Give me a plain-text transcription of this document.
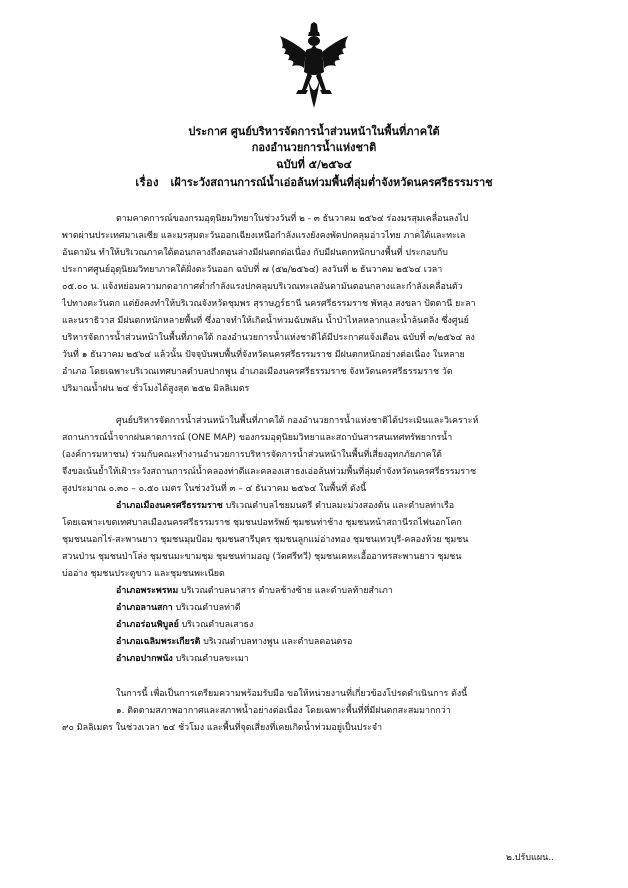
ประกาศ ศูนย์บริหารจัดการน้ำส่วนหน้าในพื้นที่ภาคใต้
กองอำนวยการน้ำแห่งชาติ
ฉบับที่ ๕/๒๕๖๔
เรื่อง เฝ้าระวังสถานการณ์น้ำเอ่อล้นท่วมพื้นที่ลุ่มต่ำจังหวัดนครศรีธรรมราช
ตามคาดการณ์ของกรมอุตุนิยมวิทยาในช่วงวันที่ ๒ - ๓ ธันวาคม ๒๕๖๔ ร่องมรสุมเคลื่อนลงไป
พาดผ่านประเทศมาเลเซีย และมรสุมตะวันออกเฉียงเหนือกำลังแรงยังคงพัดปกคลุมอ่าวไทย ภาคใต้และทะเล
อันดามัน ทำให้บริเวณภาคใต้ตอนกลางถึงตอนล่างมีฝนตกต่อเนื่อง กับมีฝนตกหนักบางพื้นที่ ประกอบกับ
ประกาศศูนย์อุตุนิยมวิทยาภาคใต้ฝั่งตะวันออก ฉบับที่ ๗ (๕๒/๒๕๖๔) ลงวันที่ ๒ ธันวาคม ๒๕๖๔ เวลา
๐๕.๐๐ น. แจ้งหย่อมความกดอากาศต่ำกำลังแรงปกคลุมบริเวณทะเลอันดามันตอนกลางและกำลังเคลื่อนตัว
ไปทางตะวันตก แต่ยังคงทำให้บริเวณจังหวัดชุมพร สุราษฎร์ธานี นครศรีธรรมราช พัทลุง สงขลา ปัตตานี ยะลา
และนราธิวาส มีฝนตกหนักหลายพื้นที่ ซึ่งอาจทำให้เกิดน้ำท่วมฉับพลัน น้ำป่าไหลหลากและน้ำล้นตลิ่ง ซึ่งศูนย์
บริหารจัดการน้ำส่วนหน้าในพื้นที่ภาคใต้ กองอำนวยการน้ำแห่งชาติได้มีประกาศแจ้งเตือน ฉบับที่ ๓/๒๕๖๔ ลง
วันที่ ๑ ธันวาคม ๒๕๖๔ แล้วนั้น ปัจจุบันพบพื้นที่จังหวัดนครศรีธรรมราช มีฝนตกหนักอย่างต่อเนื่อง ในหลาย
อำเภอ โดยเฉพาะบริเวณเทศบาลตำบลปากพูน อำเภอเมืองนครศรีธรรมราช จังหวัดนครศรีธรรมราช วัด
ปริมาณน้ำฝน ๒๔ ชั่วโมงได้สูงสุด ๒๕๒ มิลลิเมตร
ศูนย์บริหารจัดการน้ำส่วนหน้าในพื้นที่ภาคใต้ กองอำนวยการน้ำแห่งชาติได้ประเมินและวิเคราะห์
สถานการณ์น้ำจากฝนคาดการณ์ (ONE MAP) ของกรมอุตุนิยมวิทยาและสถาบันสารสนเทศทรัพยากรน้ำ
(องค์การมหาชน) ร่วมกับคณะทำงานอำนวยการบริหารจัดการน้ำส่วนหน้าในพื้นที่เสี่ยงอุทกภัยภาคใต้
จึงขอเน้นย้ำให้เฝ้าระวังสถานการณ์น้ำคลองท่าดีและคลองเสาธงเอ่อล้นท่วมพื้นที่ลุ่มต่ำจังหวัดนครศรีธรรมราช
สูงประมาณ ๐.๓๐ – ๐.๕๐ เมตร ในช่วงวันที่ ๓ – ๔ ธันวาคม ๒๕๖๔ ในพื้นที่ ดังนี้
อำเภอเมืองนครศรีธรรมราช บริเวณตำบลไชยมนตรี ตำบลมะม่วงสองต้น และตำบลท่าเรือ
โดยเฉพาะเขตเทศบาลเมืองนครศรีธรรมราช ชุมชนปอทรัพย์ ชุมชนท่าช้าง ชุมชนหน้าสถานีรถไฟนอกโคก
ชุมชนนอกไร่-สะพานยาว ชุมชนมุมป้อม ชุมชนสารีบุตร ชุมชนลูกแม่อ่างทอง ชุมชนเทวบุรี-คลองห้วย ชุมชน
สวนป่าน ชุมชนป่าโล่ง ชุมชนมะขามชุม ชุมชนท่ามอญ (วัดศรีทวี) ชุมชนเคหะเอื้ออาทรสะพานยาว ชุมชน
บ่ออ่าง ชุมชนประตูขาว และชุมชนพะเนียด
อำเภอพระพรหม บริเวณตำบลนาสาร ตำบลช้างซ้าย และตำบลท้ายสำเภา
อำเภอลานสกา บริเวณตำบลท่าดี
อำเภอร่อนพิบูลย์ บริเวณตำบลเสาธง
อำเภอเฉลิมพระเกียรติ บริเวณตำบลทางพูน และตำบลดอนตรอ
อำเภอปากพนัง บริเวณตำบลขะเมา
ในการนี้ เพื่อเป็นการเตรียมความพร้อมรับมือ ขอให้หน่วยงานที่เกี่ยวข้องโปรดดำเนินการ ดังนี้
๑. ติดตามสภาพอากาศและสภาพน้ำอย่างต่อเนื่อง โดยเฉพาะพื้นที่ที่มีฝนตกสะสมมากกว่า
๙๐ มิลลิเมตร ในช่วงเวลา ๒๔ ชั่วโมง และพื้นที่จุดเสี่ยงที่เคยเกิดน้ำท่วมอยู่เป็นประจำ
๒.ปรับแผน..
